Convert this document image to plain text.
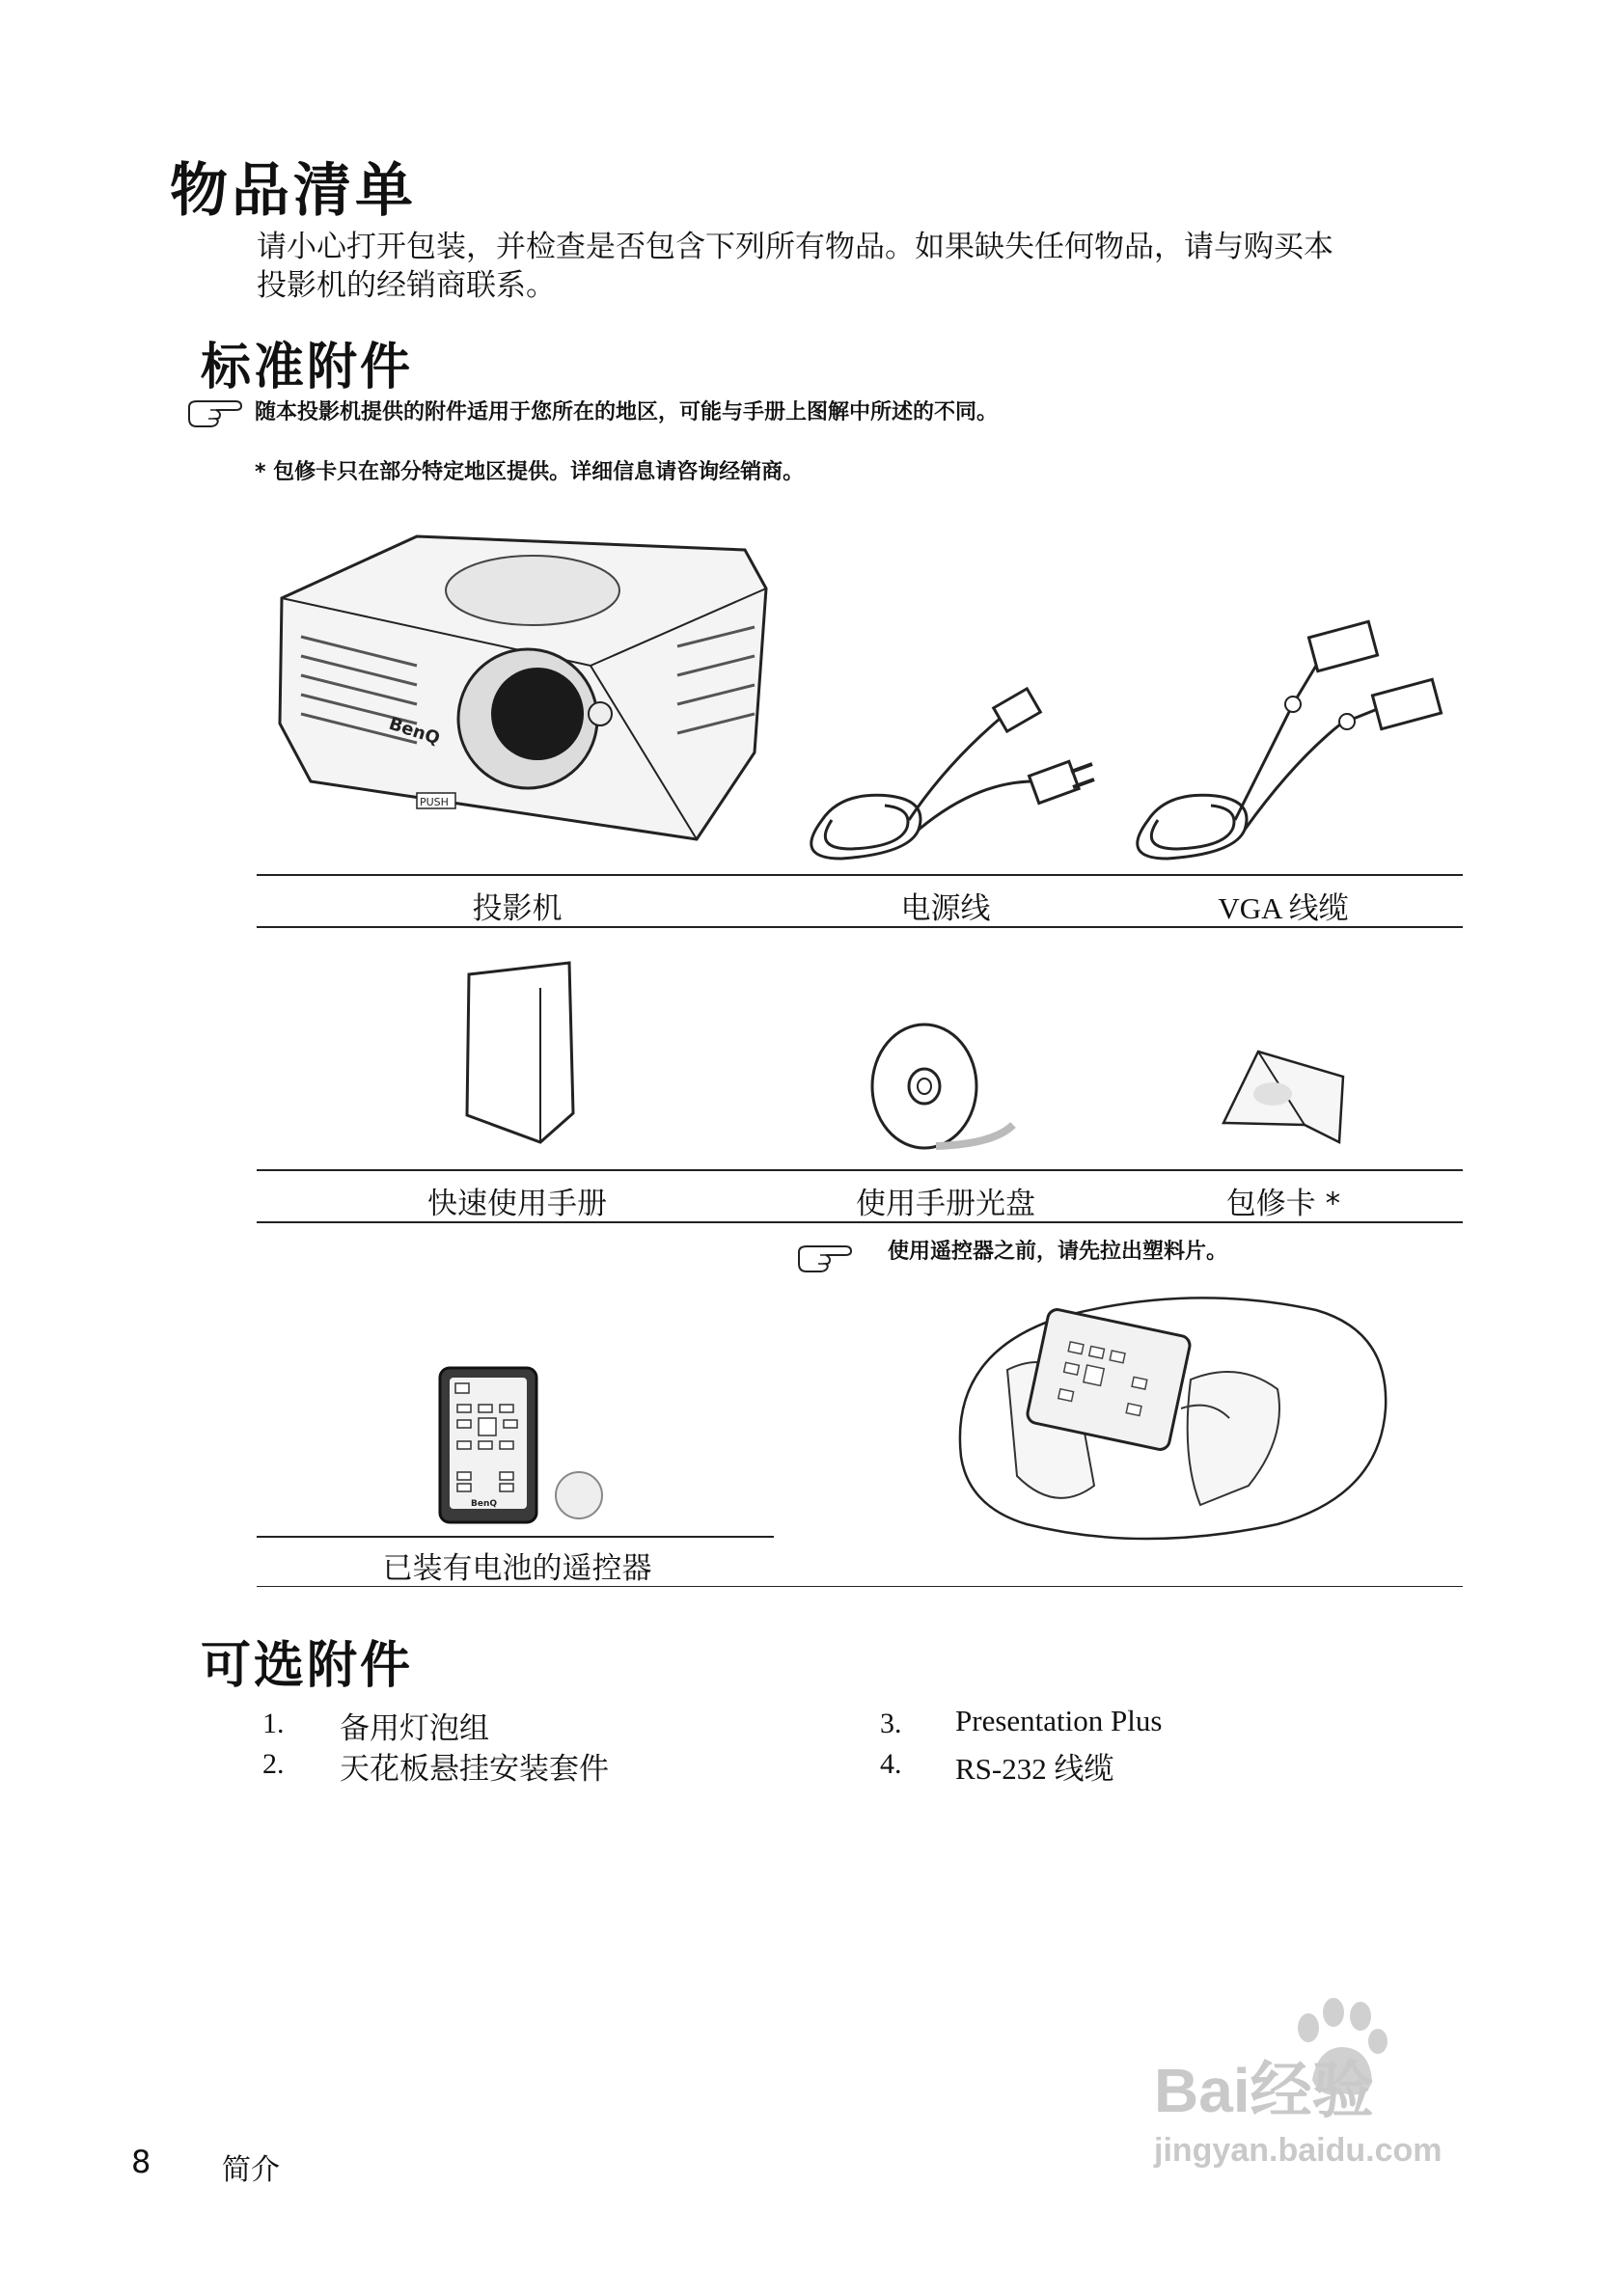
物品清单
请小心打开包装，并检查是否包含下列所有物品。如果缺失任何物品，请与购买本
投影机的经销商联系。
标准附件
随本投影机提供的附件适用于您所在的地区，可能与手册上图解中所述的不同。
* 包修卡只在部分特定地区提供。详细信息请咨询经销商。
BenQ
PUSH
投影机	电源线	VGA 线缆
快速使用手册	使用手册光盘	包修卡 *
使用遥控器之前，请先拉出塑料片。
BenQ
已装有电池的遥控器
可选附件
1. 备用灯泡组
2. 天花板悬挂安装套件
3. Presentation Plus
4. RS-232 线缆
8 简介
Bai经验
jingyan.baidu.com
